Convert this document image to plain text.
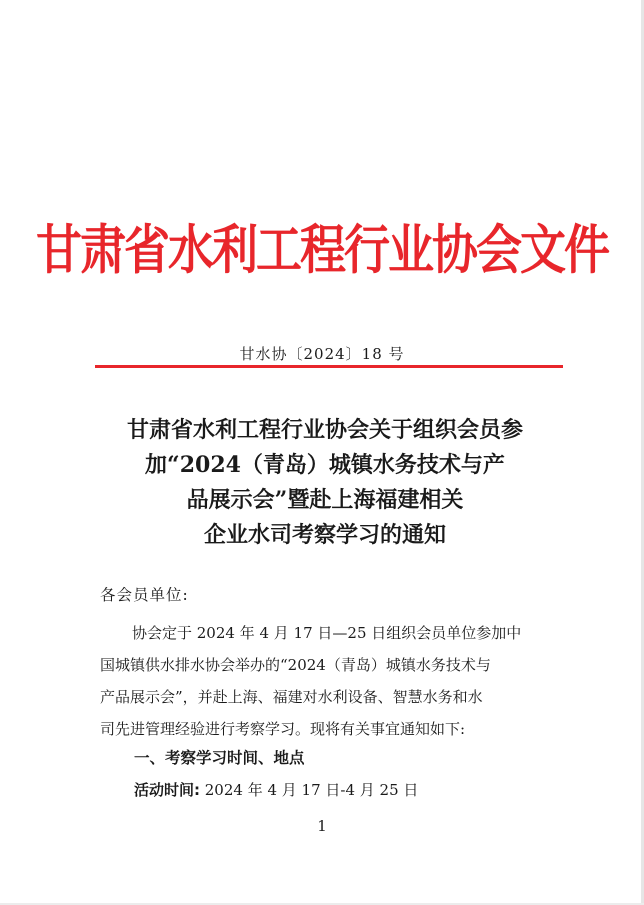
甘肃省水利工程行业协会文件
甘水协〔2024〕18 号
甘肃省水利工程行业协会关于组织会员参
加“2024（青岛）城镇水务技术与产
品展示会”暨赴上海福建相关
企业水司考察学习的通知
各会员单位:
协会定于 2024 年 4 月 17 日—25 日组织会员单位参加中
国城镇供水排水协会举办的“2024（青岛）城镇水务技术与
产品展示会”，并赴上海、福建对水利设备、智慧水务和水
司先进管理经验进行考察学习。现将有关事宜通知如下:
一、考察学习时间、地点
活动时间: 2024 年 4 月 17 日-4 月 25 日
1
